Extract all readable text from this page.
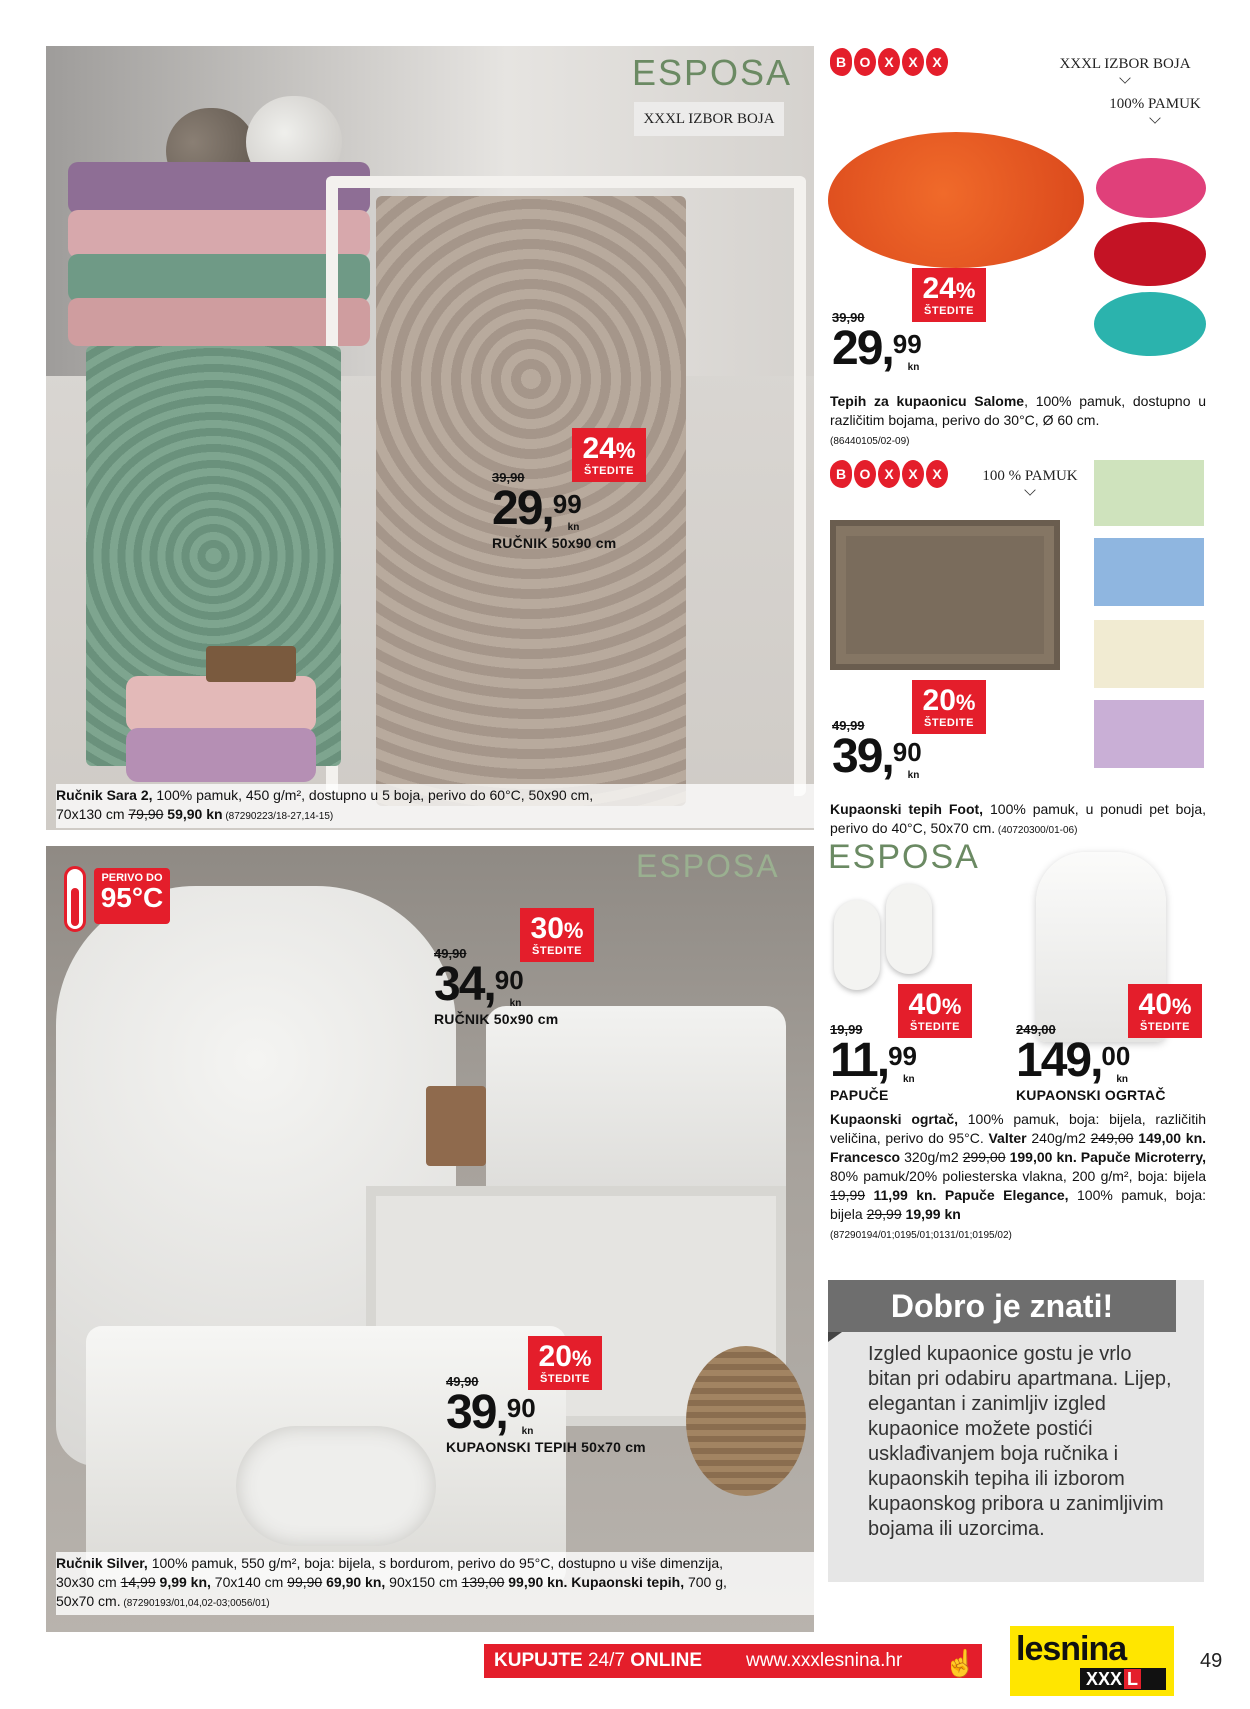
ESPOSA
XXXL IZBOR BOJA
24%
ŠTEDITE
39,90
$29,99_{kn}$
RUČNIK 50x90 cm
Ručnik Sara 2, 100% pamuk, 450 g/m², dostupno u 5 boja, perivo do 60°C, 50x90 cm,
70x130 cm 79,90 59,90 kn (87290223/18-27,14-15)
B O X	X	X	XXXL IZBOR BOJA
100% PAMUK
24%
ŠTEDITE
39,90
$29,99_{kn}$
Tepih za kupaonicu Salome, 100% pamuk, dostupno u različitim bojama, perivo do 30°C, Ø 60 cm.
(86440105/02-09)
B O X	X	X	100 % PAMUK
20%
ŠTEDITE
49,99
$39,90_{kn}$
Kupaonski tepih Foot, 100% pamuk, u ponudi pet boja, perivo do 40°C, 50x70 cm. (40720300/01-06)
ESPOSA
PERIVO DO
95°C
30%
ŠTEDITE
49,90
$34,90_{kn}$
RUČNIK 50x90 cm
20%
ŠTEDITE
49,90
$39,90_{kn}$
KUPAONSKI TEPIH 50x70 cm
Ručnik Silver, 100% pamuk, 550 g/m², boja: bijela, s bordurom, perivo do 95°C, dostupno u više dimenzija,
30x30 cm 14,99 9,99 kn, 70x140 cm 99,90 69,90 kn, 90x150 cm 139,00 99,90 kn. Kupaonski tepih, 700 g,
50x70 cm. (87290193/01,04,02-03;0056/01)
ESPOSA
40%
ŠTEDITE
19,99
$11,99_{kn}$
PAPUČE
40%
ŠTEDITE
249,00
$149,00_{kn}$
KUPAONSKI OGRTAČ
Kupaonski ogrtač, 100% pamuk, boja: bijela, različitih veličina, perivo do 95°C. Valter 240g/m2 249,00 149,00 kn. Francesco 320g/m2 299,00 199,00 kn. Papuče Microterry, 80% pamuk/20% poliesterska vlakna, 200 g/m², boja: bijela 19,99 11,99 kn. Papuče Elegance, 100% pamuk, boja: bijela 29,99 19,99 kn
(87290194/01;0195/01;0131/01;0195/02)
Dobro je znati!
Izgled kupaonice gostu je vrlo bitan pri odabiru apartmana. Lijep, elegantan i zanimljiv izgled kupaonice možete postići usklađivanjem boja ručnika i kupaonskih tepiha ili izborom kupaonskog pribora u zanimljivim bojama ili uzorcima.
KUPUJTE 24/7 ONLINE www.xxxlesnina.hr ☝ lesnina
XXX L
49
